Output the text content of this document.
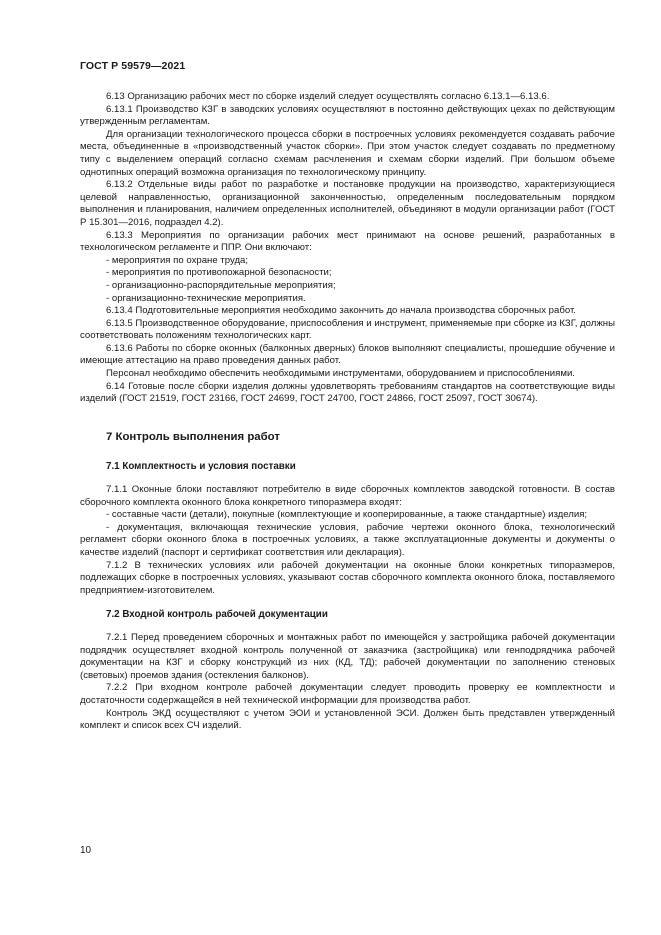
ГОСТ Р 59579—2021

6.13 Организацию рабочих мест по сборке изделий следует осуществлять согласно 6.13.1—6.13.6.

6.13.1 Производство КЗГ в заводских условиях осуществляют в постоянно действующих цехах по действующим утвержденным регламентам.

Для организации технологического процесса сборки в построечных условиях рекомендуется создавать рабочие места, объединенные в «производственный участок сборки». При этом участок следует создавать по предметному типу с выделением операций согласно схемам расчленения и схемам сборки изделий. При большом объеме однотипных операций возможна организация по технологическому принципу.

6.13.2 Отдельные виды работ по разработке и постановке продукции на производство, характеризующиеся целевой направленностью, организационной законченностью, определенным последовательным порядком выполнения и планирования, наличием определенных исполнителей, объединяют в модули организации работ (ГОСТ Р 15.301—2016, подраздел 4.2).

6.13.3 Мероприятия по организации рабочих мест принимают на основе решений, разработанных в технологическом регламенте и ППР. Они включают:

- мероприятия по охране труда;

- мероприятия по противопожарной безопасности;

- организационно-распорядительные мероприятия;

- организационно-технические мероприятия.

6.13.4 Подготовительные мероприятия необходимо закончить до начала производства сборочных работ.

6.13.5 Производственное оборудование, приспособления и инструмент, применяемые при сборке из КЗГ, должны соответствовать положениям технологических карт.

6.13.6 Работы по сборке оконных (балконных дверных) блоков выполняют специалисты, прошедшие обучение и имеющие аттестацию на право проведения данных работ.

Персонал необходимо обеспечить необходимыми инструментами, оборудованием и приспособлениями.

6.14 Готовые после сборки изделия должны удовлетворять требованиям стандартов на соответствующие виды изделий (ГОСТ 21519, ГОСТ 23166, ГОСТ 24699, ГОСТ 24700, ГОСТ 24866, ГОСТ 25097, ГОСТ 30674).

7 Контроль выполнения работ
7.1 Комплектность и условия поставки

7.1.1 Оконные блоки поставляют потребителю в виде сборочных комплектов заводской готовности. В состав сборочного комплекта оконного блока конкретного типоразмера входят:

- составные части (детали), покупные (комплектующие и кооперированные, а также стандартные) изделия;

- документация, включающая технические условия, рабочие чертежи оконного блока, технологический регламент сборки оконного блока в построечных условиях, а также эксплуатационные документы и документы о качестве изделий (паспорт и сертификат соответствия или декларация).

7.1.2 В технических условиях или рабочей документации на оконные блоки конкретных типоразмеров, подлежащих сборке в построечных условиях, указывают состав сборочного комплекта оконного блока, поставляемого предприятием-изготовителем.

7.2 Входной контроль рабочей документации

7.2.1 Перед проведением сборочных и монтажных работ по имеющейся у застройщика рабочей документации подрядчик осуществляет входной контроль полученной от заказчика (застройщика) или генподрядчика рабочей документации на КЗГ и сборку конструкций из них (КД, ТД); рабочей документации по заполнению стеновых (световых) проемов здания (остекления балконов).

7.2.2 При входном контроле рабочей документации следует проводить проверку ее комплектности и достаточности содержащейся в ней технической информации для производства работ.

Контроль ЭКД осуществляют с учетом ЭОИ и установленной ЭСИ. Должен быть представлен утвержденный комплект и список всех СЧ изделий.

10
